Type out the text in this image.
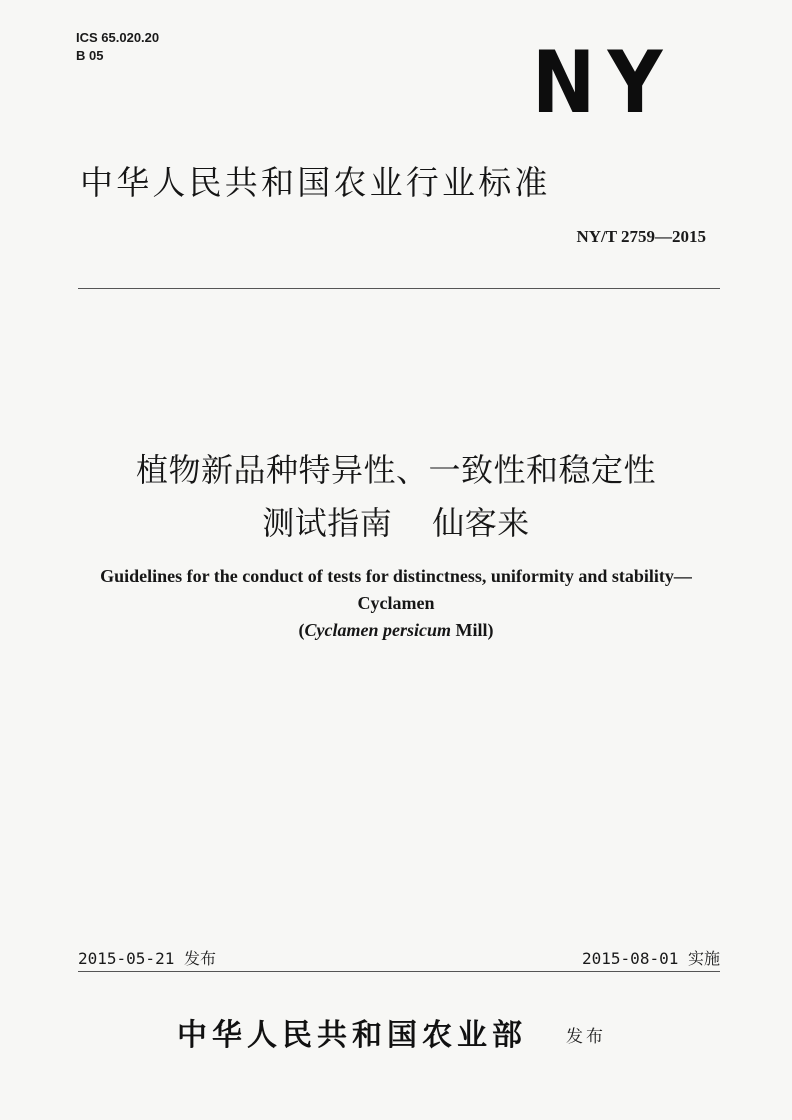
ICS 65.020.20
B 05	NY
中华人民共和国农业行业标准
NY/T 2759—2015
植物新品种特异性、一致性和稳定性
测试指南 仙客来
Guidelines for the conduct of tests for distinctness, uniformity and stability—
Cyclamen
(Cyclamen persicum Mill)
2015-05-21 发布	2015-08-01 实施
中华人民共和国农业部 发布
